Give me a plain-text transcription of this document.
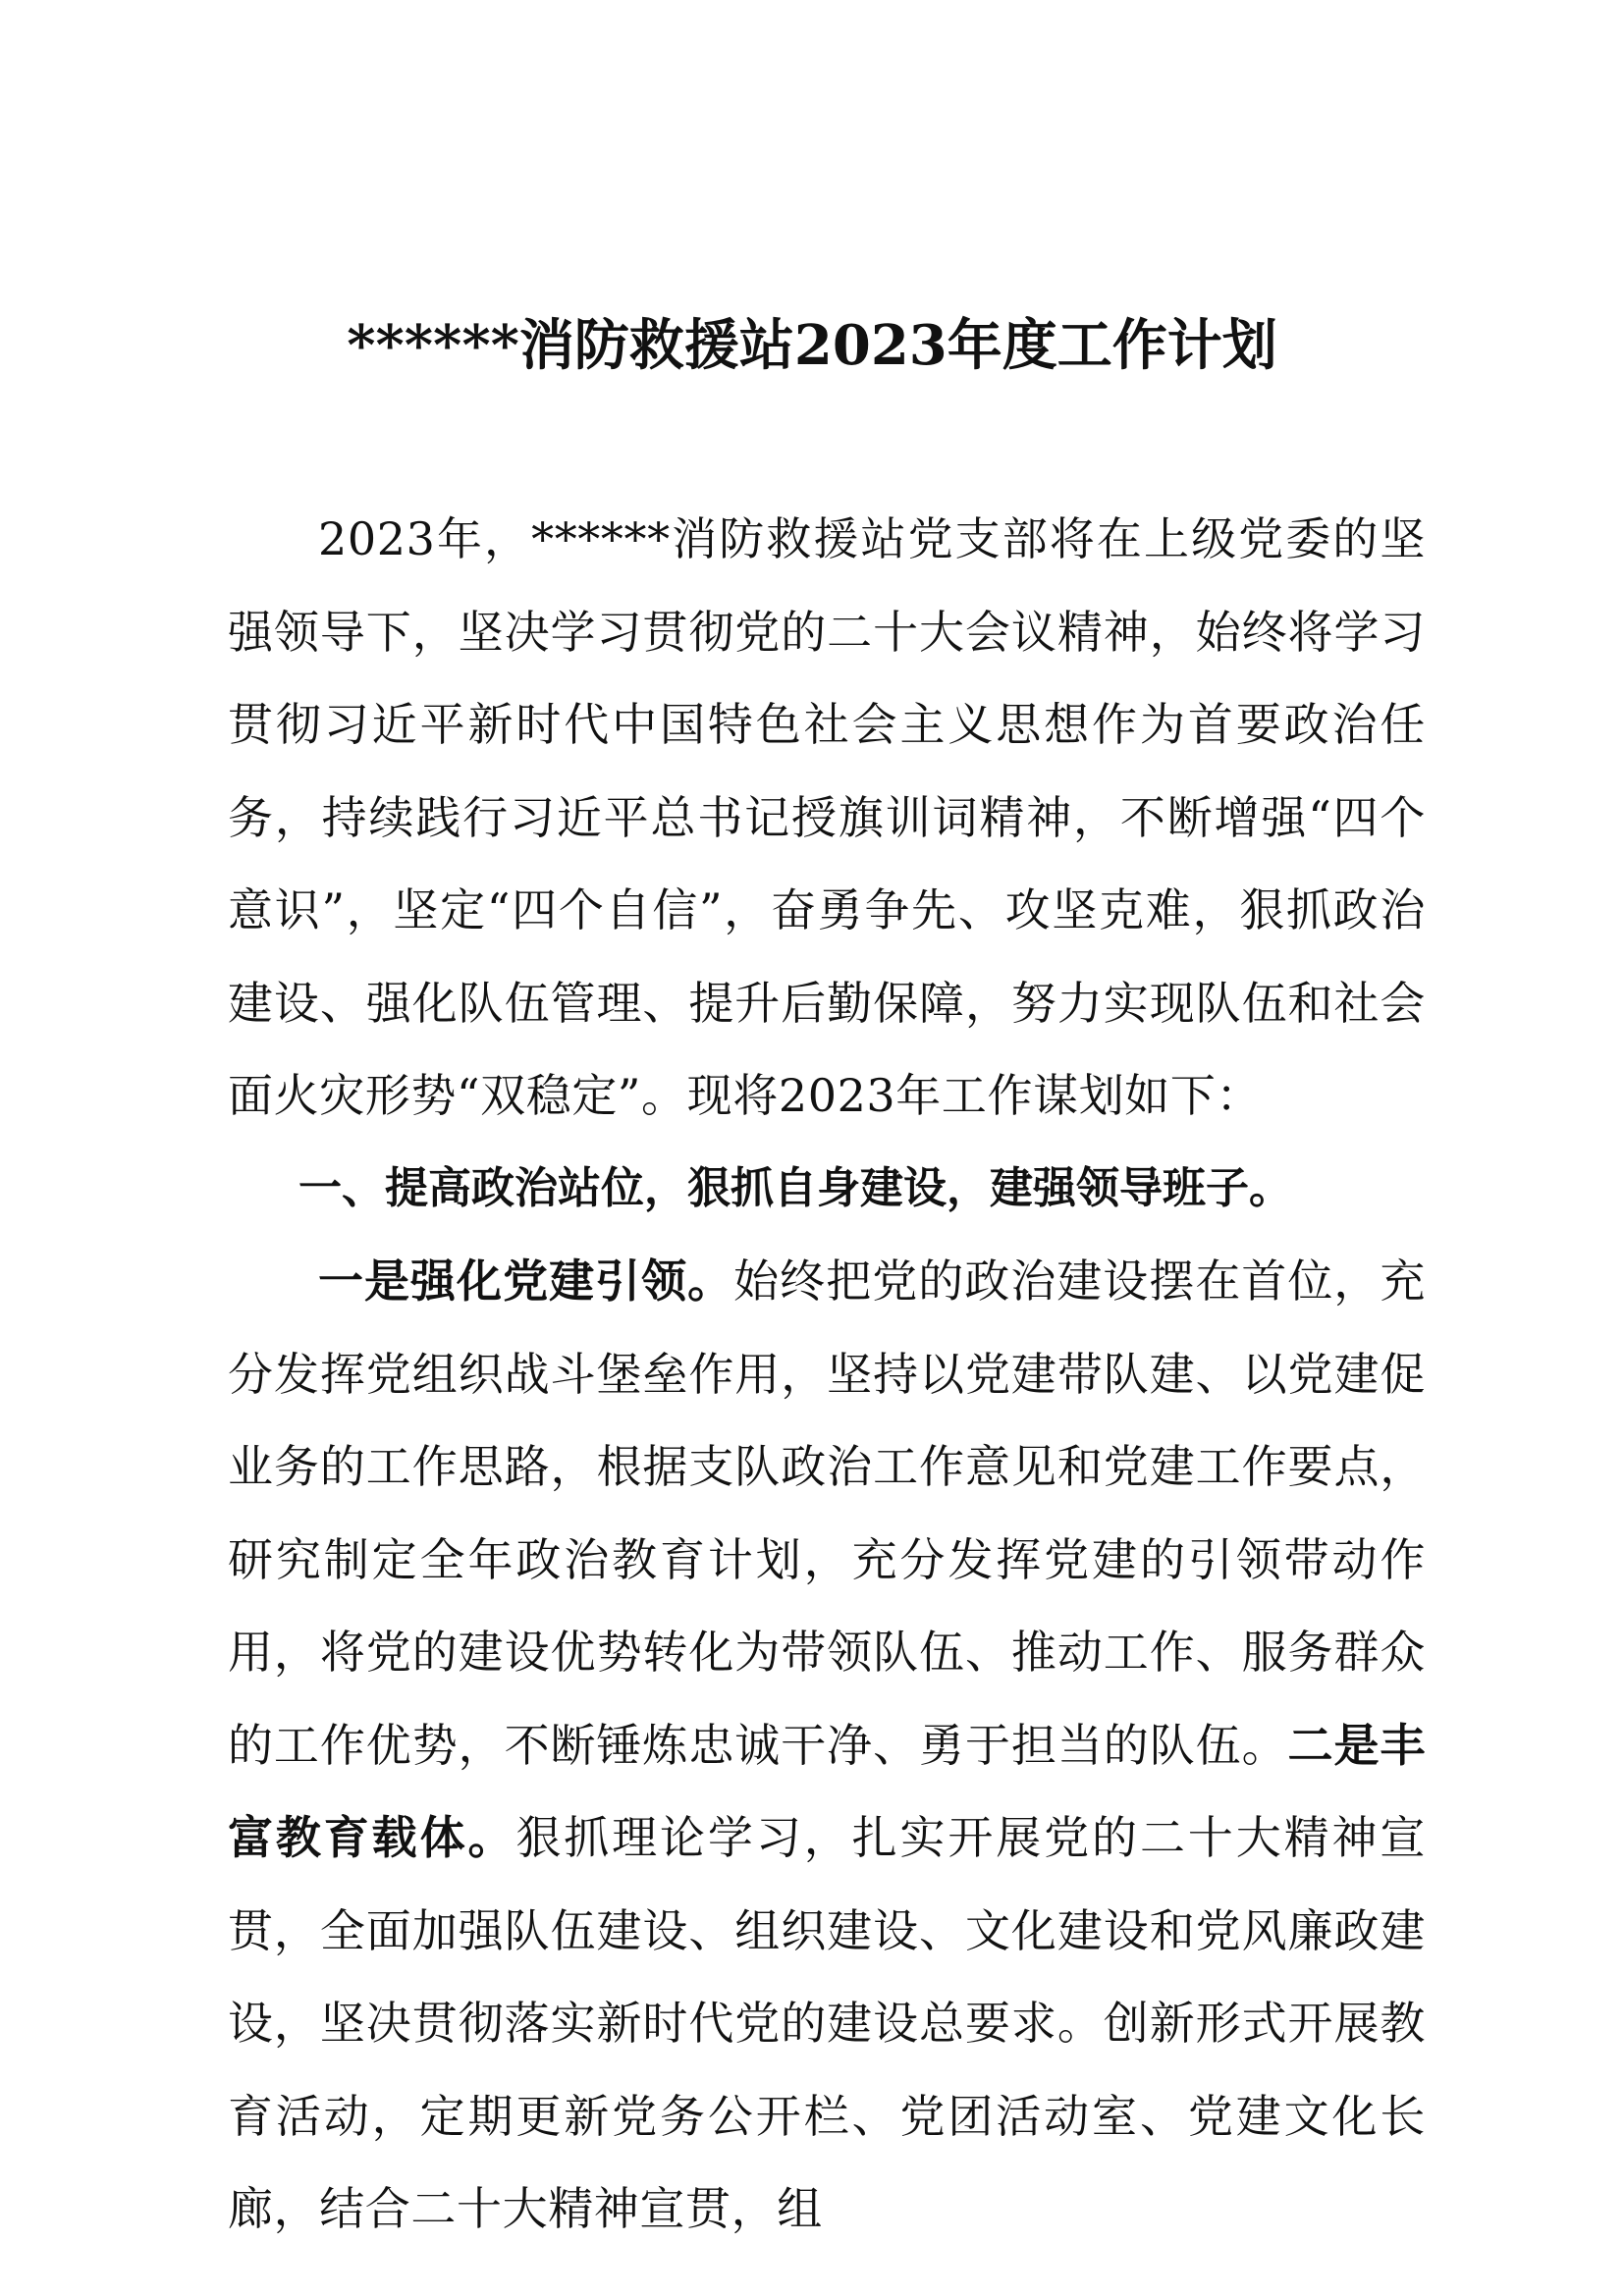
******消防救援站2023年度工作计划

2023年，******消防救援站党支部将在上级党委的坚强领导下，坚决学习贯彻党的二十大会议精神，始终将学习贯彻习近平新时代中国特色社会主义思想作为首要政治任务，持续践行习近平总书记授旗训词精神，不断增强“四个意识”，坚定“四个自信”，奋勇争先、攻坚克难，狠抓政治建设、强化队伍管理、提升后勤保障，努力实现队伍和社会面火灾形势“双稳定”。现将2023年工作谋划如下：

一、提高政治站位，狠抓自身建设，建强领导班子。

一是强化党建引领。始终把党的政治建设摆在首位，充分发挥党组织战斗堡垒作用，坚持以党建带队建、以党建促业务的工作思路，根据支队政治工作意见和党建工作要点，研究制定全年政治教育计划，充分发挥党建的引领带动作用，将党的建设优势转化为带领队伍、推动工作、服务群众的工作优势，不断锤炼忠诚干净、勇于担当的队伍。二是丰富教育载体。狠抓理论学习，扎实开展党的二十大精神宣贯，全面加强队伍建设、组织建设、文化建设和党风廉政建设，坚决贯彻落实新时代党的建设总要求。创新形式开展教育活动，定期更新党务公开栏、党团活动室、党建文化长廊，结合二十大精神宣贯，组
